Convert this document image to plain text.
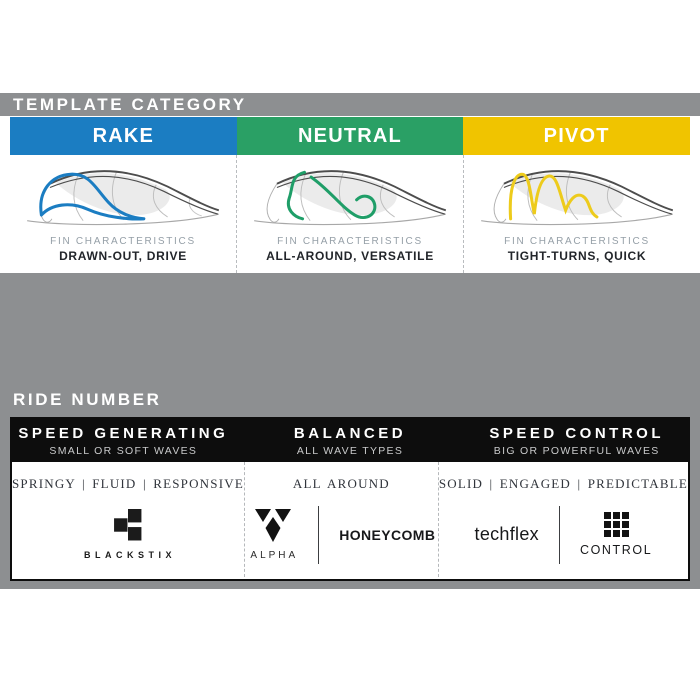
TEMPLATE CATEGORY
RAKE	NEUTRAL	PIVOT
FIN CHARACTERISTICS
DRAWN-OUT, DRIVE
FIN CHARACTERISTICS
ALL-AROUND, VERSATILE
FIN CHARACTERISTICS
TIGHT-TURNS, QUICK
RIDE NUMBER
SPEED GENERATING
SMALL OR SOFT WAVES
BALANCED
ALL WAVE TYPES
SPEED CONTROL
BIG OR POWERFUL WAVES
SPRINGY | FLUID | RESPONSIVE
BLACKSTIX
ALL AROUND
ALPHA
HONEYCOMB
SOLID | ENGAGED | PREDICTABLE
techflex
CONTROL
